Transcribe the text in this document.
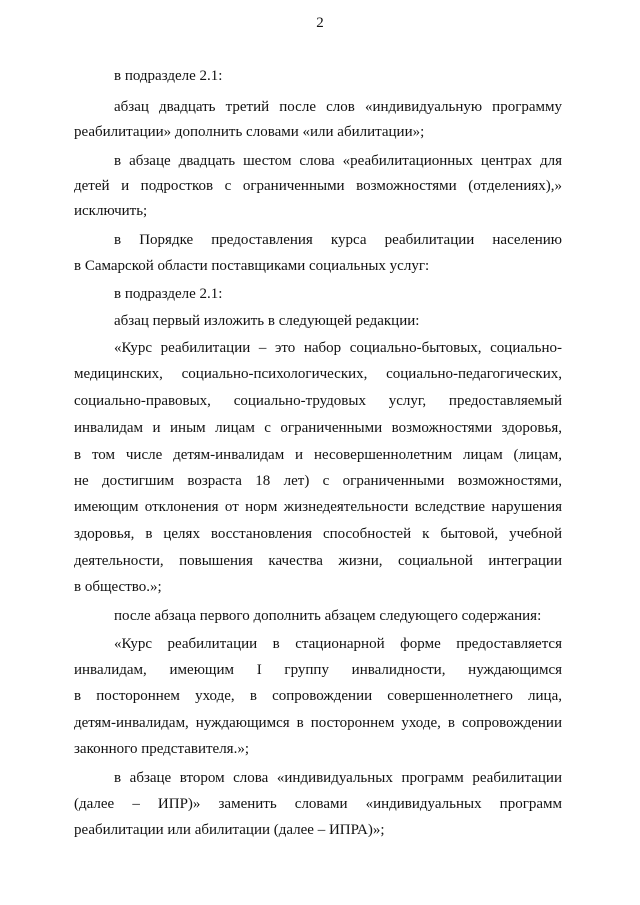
2
в подразделе 2.1:
абзац двадцать третий после слов «индивидуальную программу
реабилитации» дополнить словами «или абилитации»;
в абзаце двадцать шестом слова «реабилитационных центрах для
детей и подростков с ограниченными возможностями (отделениях),»
исключить;
в Порядке предоставления курса реабилитации населению
в Самарской области поставщиками социальных услуг:
в подразделе 2.1:
абзац первый изложить в следующей редакции:
«Курс реабилитации – это набор социально-бытовых, социально-
медицинских, социально-психологических, социально-педагогических,
социально-правовых, социально-трудовых услуг, предоставляемый
инвалидам и иным лицам с ограниченными возможностями здоровья,
в том числе детям-инвалидам и несовершеннолетним лицам (лицам,
не достигшим возраста 18 лет) с ограниченными возможностями,
имеющим отклонения от норм жизнедеятельности вследствие нарушения
здоровья, в целях восстановления способностей к бытовой, учебной
деятельности, повышения качества жизни, социальной интеграции
в общество.»;
после абзаца первого дополнить абзацем следующего содержания:
«Курс реабилитации в стационарной форме предоставляется
инвалидам, имеющим I группу инвалидности, нуждающимся
в постороннем уходе, в сопровождении совершеннолетнего лица,
детям-инвалидам, нуждающимся в постороннем уходе, в сопровождении
законного представителя.»;
в абзаце втором слова «индивидуальных программ реабилитации
(далее – ИПР)» заменить словами «индивидуальных программ
реабилитации или абилитации (далее – ИПРА)»;
